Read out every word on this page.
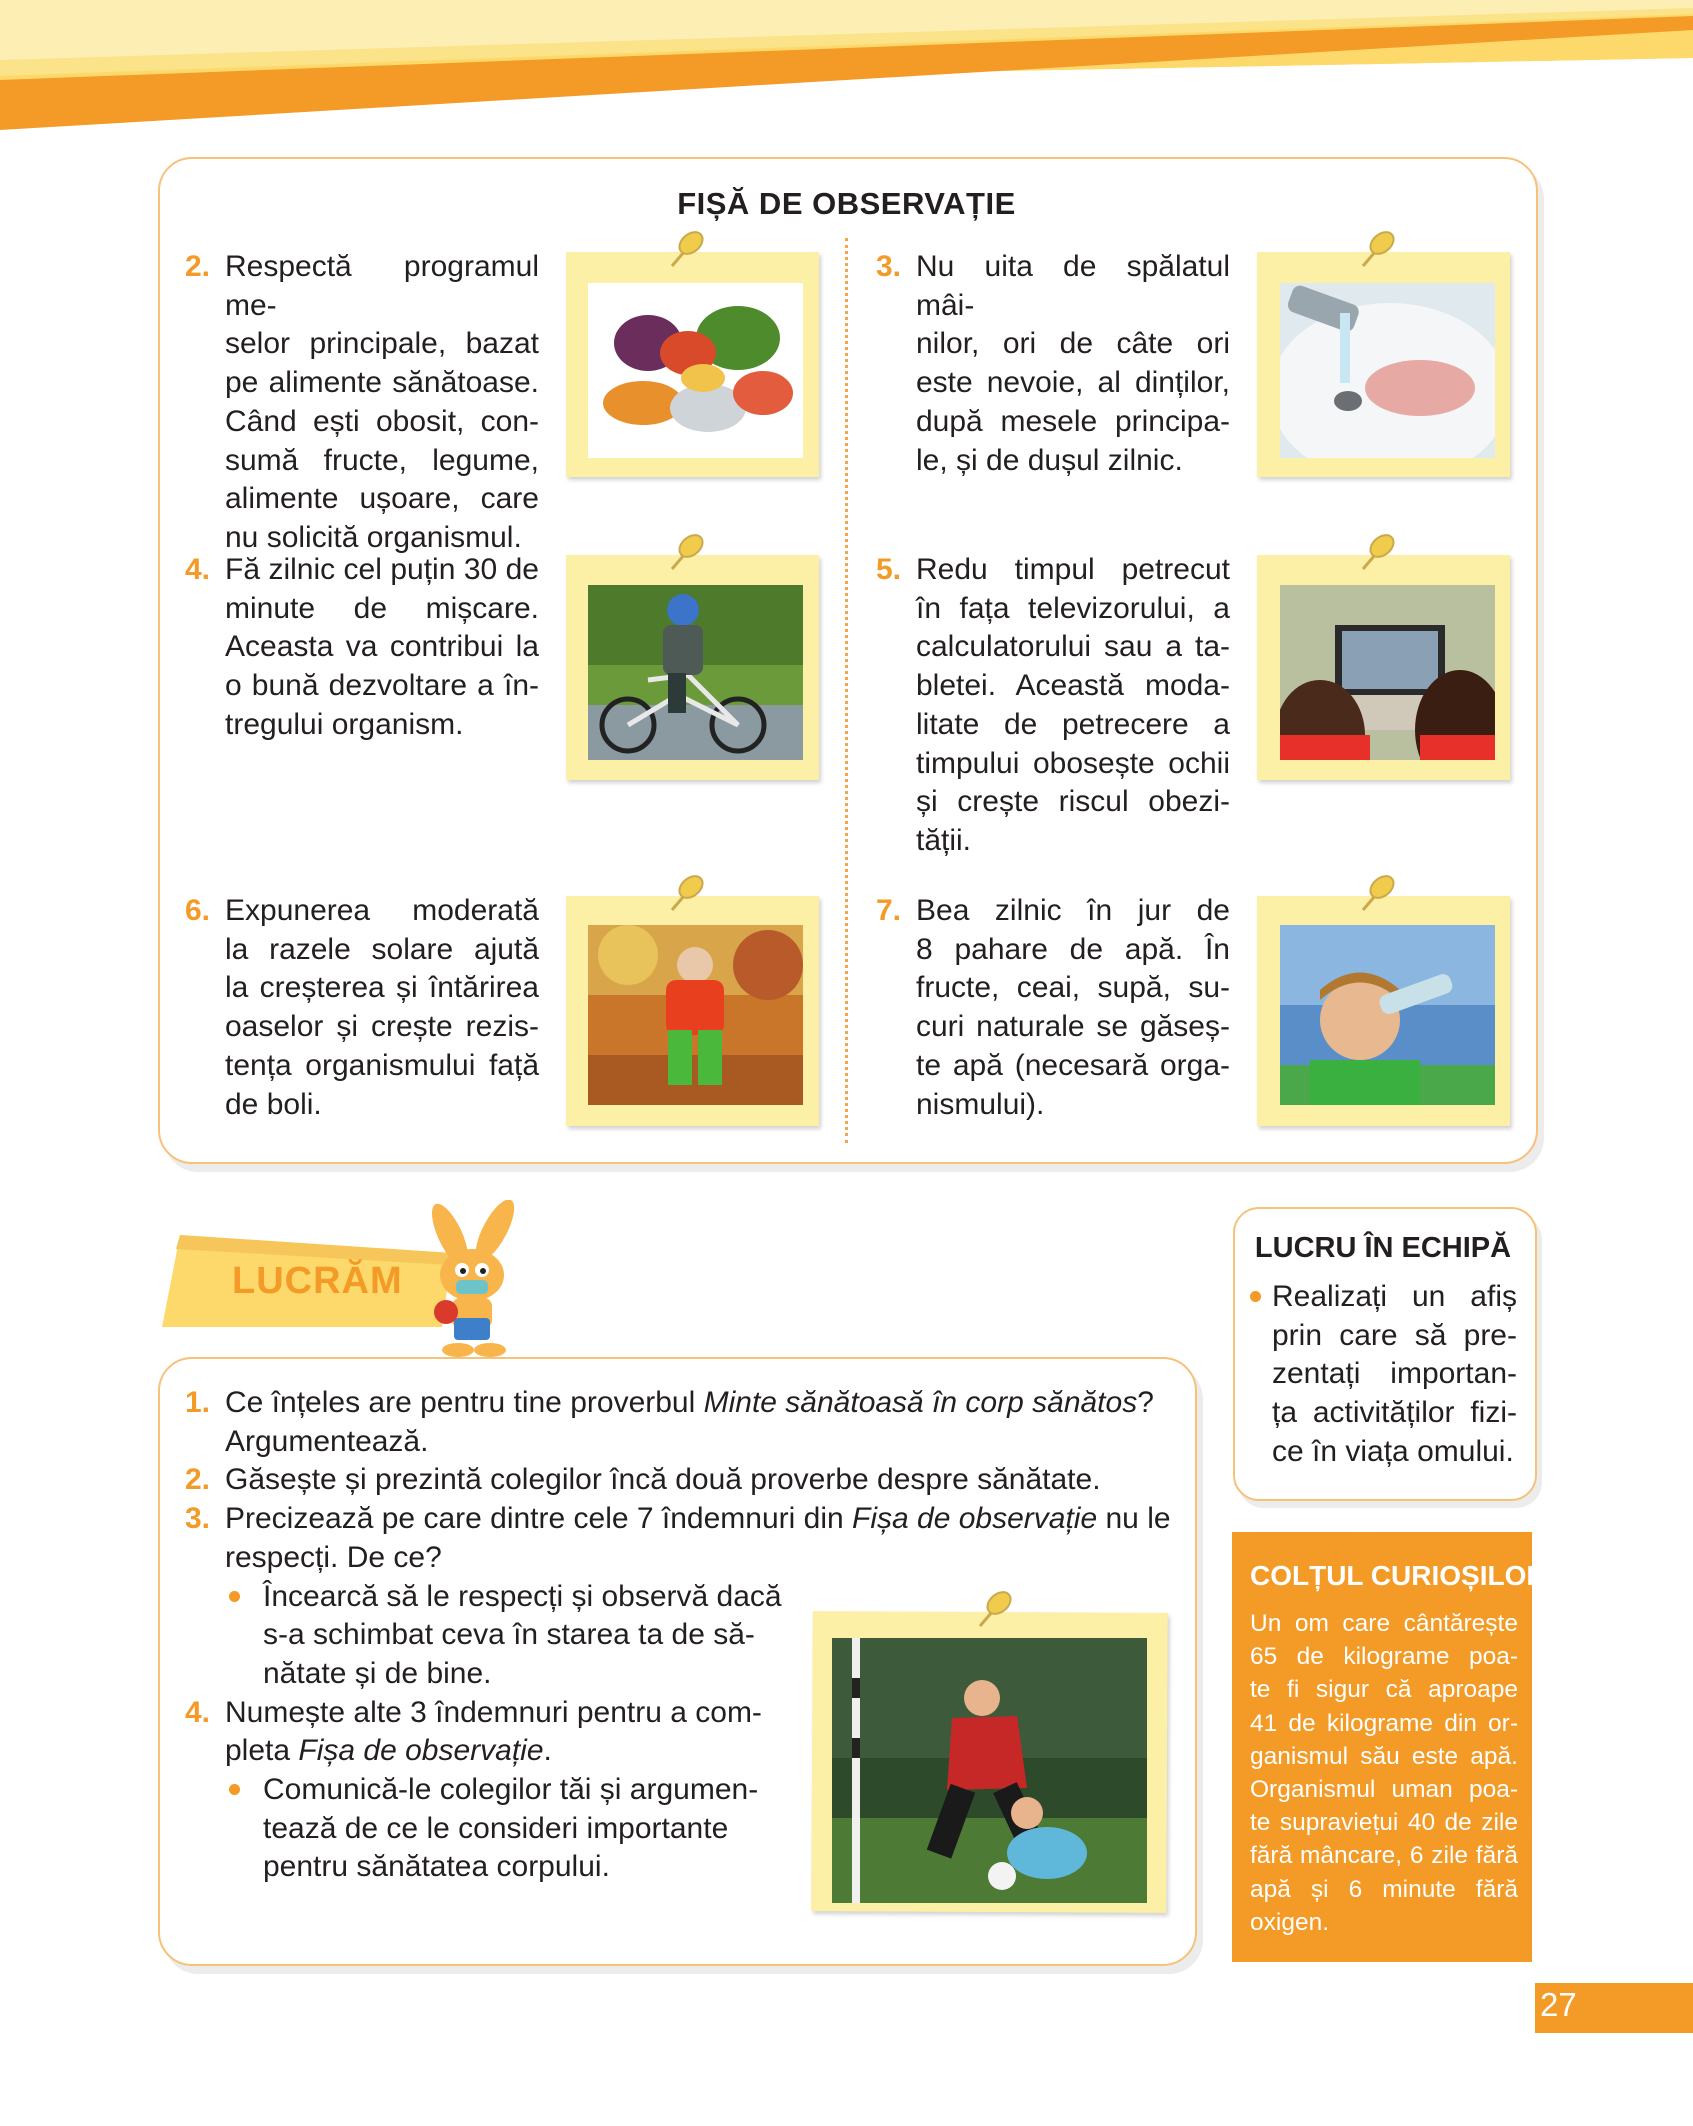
FIȘĂ DE OBSERVAȚIE
2. Respectă programul me-

selor principale, bazat

pe alimente sănătoase.

Când ești obosit, con-

sumă fructe, legume,

alimente ușoare, care

nu solicită organismul.

3. Nu uita de spălatul mâi-

nilor, ori de câte ori

este nevoie, al dinților,

după mesele principa-

le, și de dușul zilnic.

4. Fă zilnic cel puțin 30 de

minute de mișcare.

Aceasta va contribui la

o bună dezvoltare a în-

tregului organism.

5. Redu timpul petrecut

în fața televizorului, a

calculatorului sau a ta-

bletei. Această moda-

litate de petrecere a

timpului obosește ochii

și crește riscul obezi-

tății.

6. Expunerea moderată

la razele solare ajută

la creșterea și întărirea

oaselor și crește rezis-

tența organismului față

de boli.

7. Bea zilnic în jur de

8 pahare de apă. În

fructe, ceai, supă, su-

curi naturale se găseș-

te apă (necesară orga-

nismului).

LUCRĂM
1. Ce înțeles are pentru tine proverbul Minte sănătoasă în corp sănătos?
Argumentează.
2. Găsește și prezintă colegilor încă două proverbe despre sănătate.
3. Precizează pe care dintre cele 7 îndemnuri din Fișa de observație nu le
respecți. De ce?
Încearcă să le respecți și observă dacă
s-a schimbat ceva în starea ta de să-
nătate și de bine.
4. Numește alte 3 îndemnuri pentru a com-
pleta Fișa de observație.
Comunică-le colegilor tăi și argumen-
tează de ce le consideri importante
pentru sănătatea corpului.
LUCRU ÎN ECHIPĂ
Realizați un afiș
prin care să pre-
zentați importan-
ța activităților fizi-
ce în viața omului.
COLȚUL CURIOȘILOR
Un om care cântărește
65 de kilograme poa-
te fi sigur că aproape
41 de kilograme din or-
ganismul său este apă.
Organismul uman poa-
te supraviețui 40 de zile
fără mâncare, 6 zile fără
apă și 6 minute fără
oxigen.
27
